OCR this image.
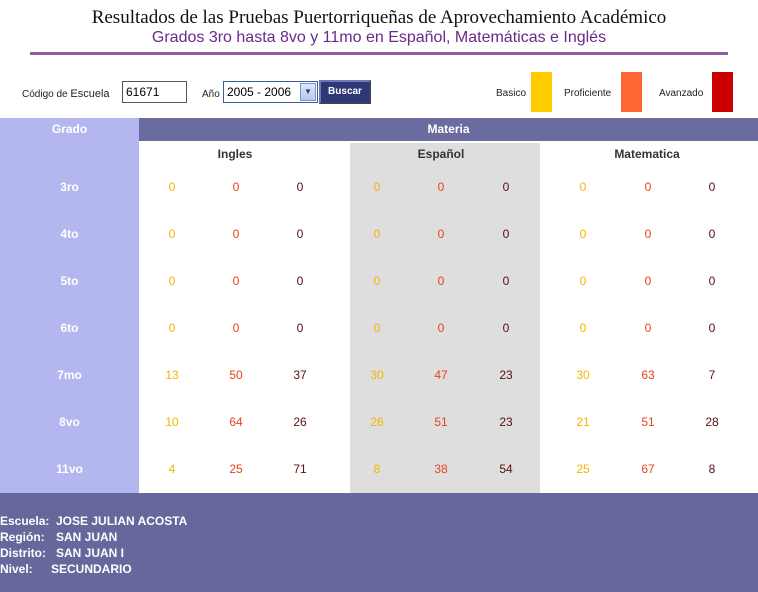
Resultados de las Pruebas Puertorriqueñas de Aprovechamiento Académico
Grados 3ro hasta 8vo y 11mo en Español, Matemáticas e Inglés
Código de Escuela
61671	Año 2005 - 2006	▼	Buscar	Basico	Proficiente	Avanzado
Grado	Materia
Ingles	Español	Matematica
3ro	0	0	0	0	0	0	0	0	0
4to	0	0	0	0	0	0	0	0	0
5to	0	0	0	0	0	0	0	0	0
6to	0	0	0	0	0	0	0	0	0
7mo	13	50	37	30	47	23	30	63	7
8vo	10	64	26	26	51	23	21	51	28
11vo	4	25	71	8	38	54	25	67	8
Escuela: JOSE JULIAN ACOSTA
Región: SAN JUAN
Distrito: SAN JUAN I
Nivel: SECUNDARIO
